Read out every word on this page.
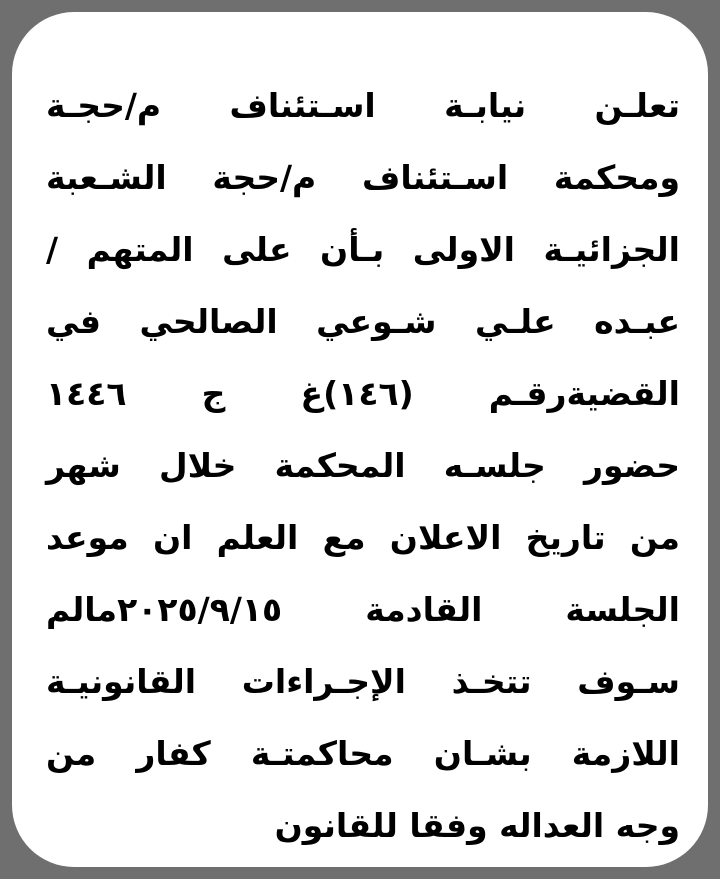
تعلـن نيابـة اسـتئناف م/حجـة
ومحكمة اسـتئناف م/حجة الشـعبة
الجزائيـة الاولى بـأن على المتهم /
عبـده علـي شـوعي الصالحي في
القضيةرقـم (١٤٦)غ ج ١٤٤٦
حضور جلسـه المحكمة خلال شهر
من تاريخ الاعلان مع العلم ان موعد
الجلسة القادمة ٢٠٢٥/٩/١٥مالم
سـوف تتخـذ الإجـراءات القانونيـة
اللازمة بشـان محاكمتـة كفار من
وجه العداله وفقا للقانون
